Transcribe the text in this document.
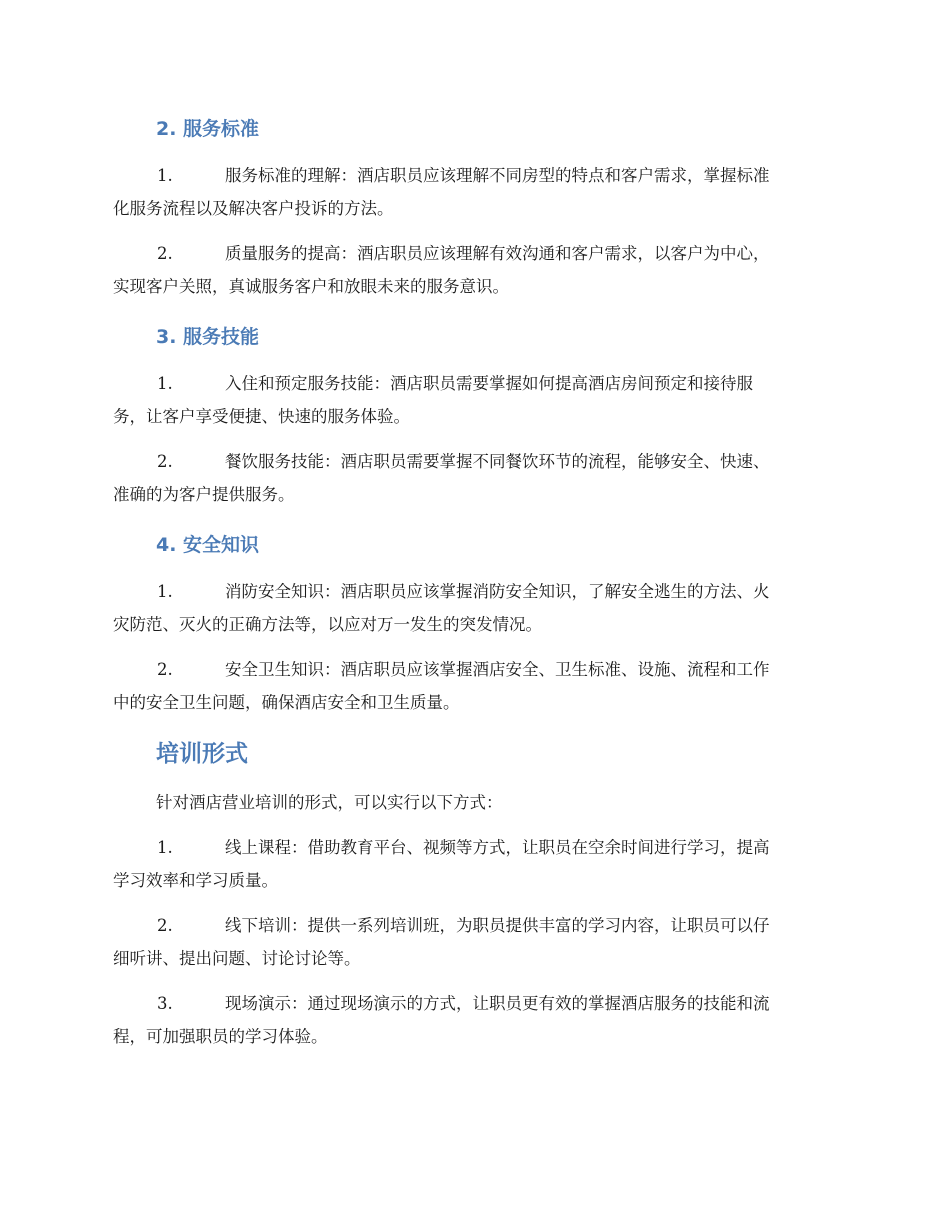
2. 服务标准
1.	服务标准的理解：酒店职员应该理解不同房型的特点和客户需求，掌握标准
化服务流程以及解决客户投诉的方法。
2.	质量服务的提高：酒店职员应该理解有效沟通和客户需求，以客户为中心，
实现客户关照，真诚服务客户和放眼未来的服务意识。
3. 服务技能
1.	入住和预定服务技能：酒店职员需要掌握如何提高酒店房间预定和接待服
务，让客户享受便捷、快速的服务体验。
2.	餐饮服务技能：酒店职员需要掌握不同餐饮环节的流程，能够安全、快速、
准确的为客户提供服务。
4. 安全知识
1.	消防安全知识：酒店职员应该掌握消防安全知识，了解安全逃生的方法、火
灾防范、灭火的正确方法等，以应对万一发生的突发情况。
2.	安全卫生知识：酒店职员应该掌握酒店安全、卫生标准、设施、流程和工作
中的安全卫生问题，确保酒店安全和卫生质量。
培训形式

针对酒店营业培训的形式，可以实行以下方式：

1.	线上课程：借助教育平台、视频等方式，让职员在空余时间进行学习，提高
学习效率和学习质量。
2.	线下培训：提供一系列培训班，为职员提供丰富的学习内容，让职员可以仔
细听讲、提出问题、讨论讨论等。
3.	现场演示：通过现场演示的方式，让职员更有效的掌握酒店服务的技能和流
程，可加强职员的学习体验。
